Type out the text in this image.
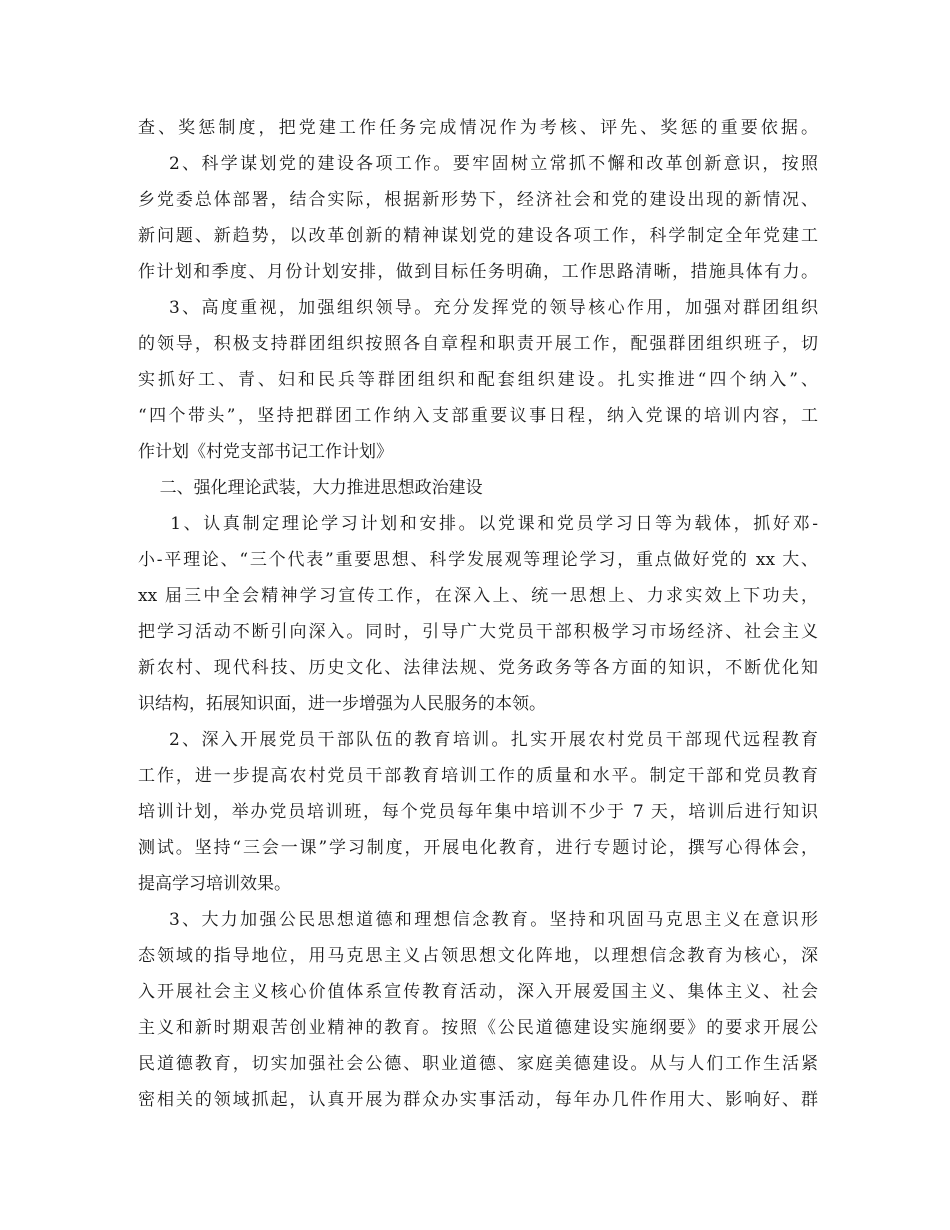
查、奖惩制度，把党建工作任务完成情况作为考核、评先、奖惩的重要依据。
2、科学谋划党的建设各项工作。要牢固树立常抓不懈和改革创新意识，按照
乡党委总体部署，结合实际，根据新形势下，经济社会和党的建设出现的新情况、
新问题、新趋势，以改革创新的精神谋划党的建设各项工作，科学制定全年党建工
作计划和季度、月份计划安排，做到目标任务明确，工作思路清晰，措施具体有力。
3、高度重视，加强组织领导。充分发挥党的领导核心作用，加强对群团组织
的领导，积极支持群团组织按照各自章程和职责开展工作，配强群团组织班子，切
实抓好工、青、妇和民兵等群团组织和配套组织建设。扎实推进“四个纳入”、
“四个带头”，坚持把群团工作纳入支部重要议事日程，纳入党课的培训内容，工
作计划《村党支部书记工作计划》
二、强化理论武装，大力推进思想政治建设
1、认真制定理论学习计划和安排。以党课和党员学习日等为载体，抓好邓-
小-平理论、“三个代表”重要思想、科学发展观等理论学习，重点做好党的 xx 大、
xx 届三中全会精神学习宣传工作，在深入上、统一思想上、力求实效上下功夫，
把学习活动不断引向深入。同时，引导广大党员干部积极学习市场经济、社会主义
新农村、现代科技、历史文化、法律法规、党务政务等各方面的知识，不断优化知
识结构，拓展知识面，进一步增强为人民服务的本领。
2、深入开展党员干部队伍的教育培训。扎实开展农村党员干部现代远程教育
工作，进一步提高农村党员干部教育培训工作的质量和水平。制定干部和党员教育
培训计划，举办党员培训班，每个党员每年集中培训不少于 7 天，培训后进行知识
测试。坚持“三会一课”学习制度，开展电化教育，进行专题讨论，撰写心得体会，
提高学习培训效果。
3、大力加强公民思想道德和理想信念教育。坚持和巩固马克思主义在意识形
态领域的指导地位，用马克思主义占领思想文化阵地，以理想信念教育为核心，深
入开展社会主义核心价值体系宣传教育活动，深入开展爱国主义、集体主义、社会
主义和新时期艰苦创业精神的教育。按照《公民道德建设实施纲要》的要求开展公
民道德教育，切实加强社会公德、职业道德、家庭美德建设。从与人们工作生活紧
密相关的领域抓起，认真开展为群众办实事活动，每年办几件作用大、影响好、群
